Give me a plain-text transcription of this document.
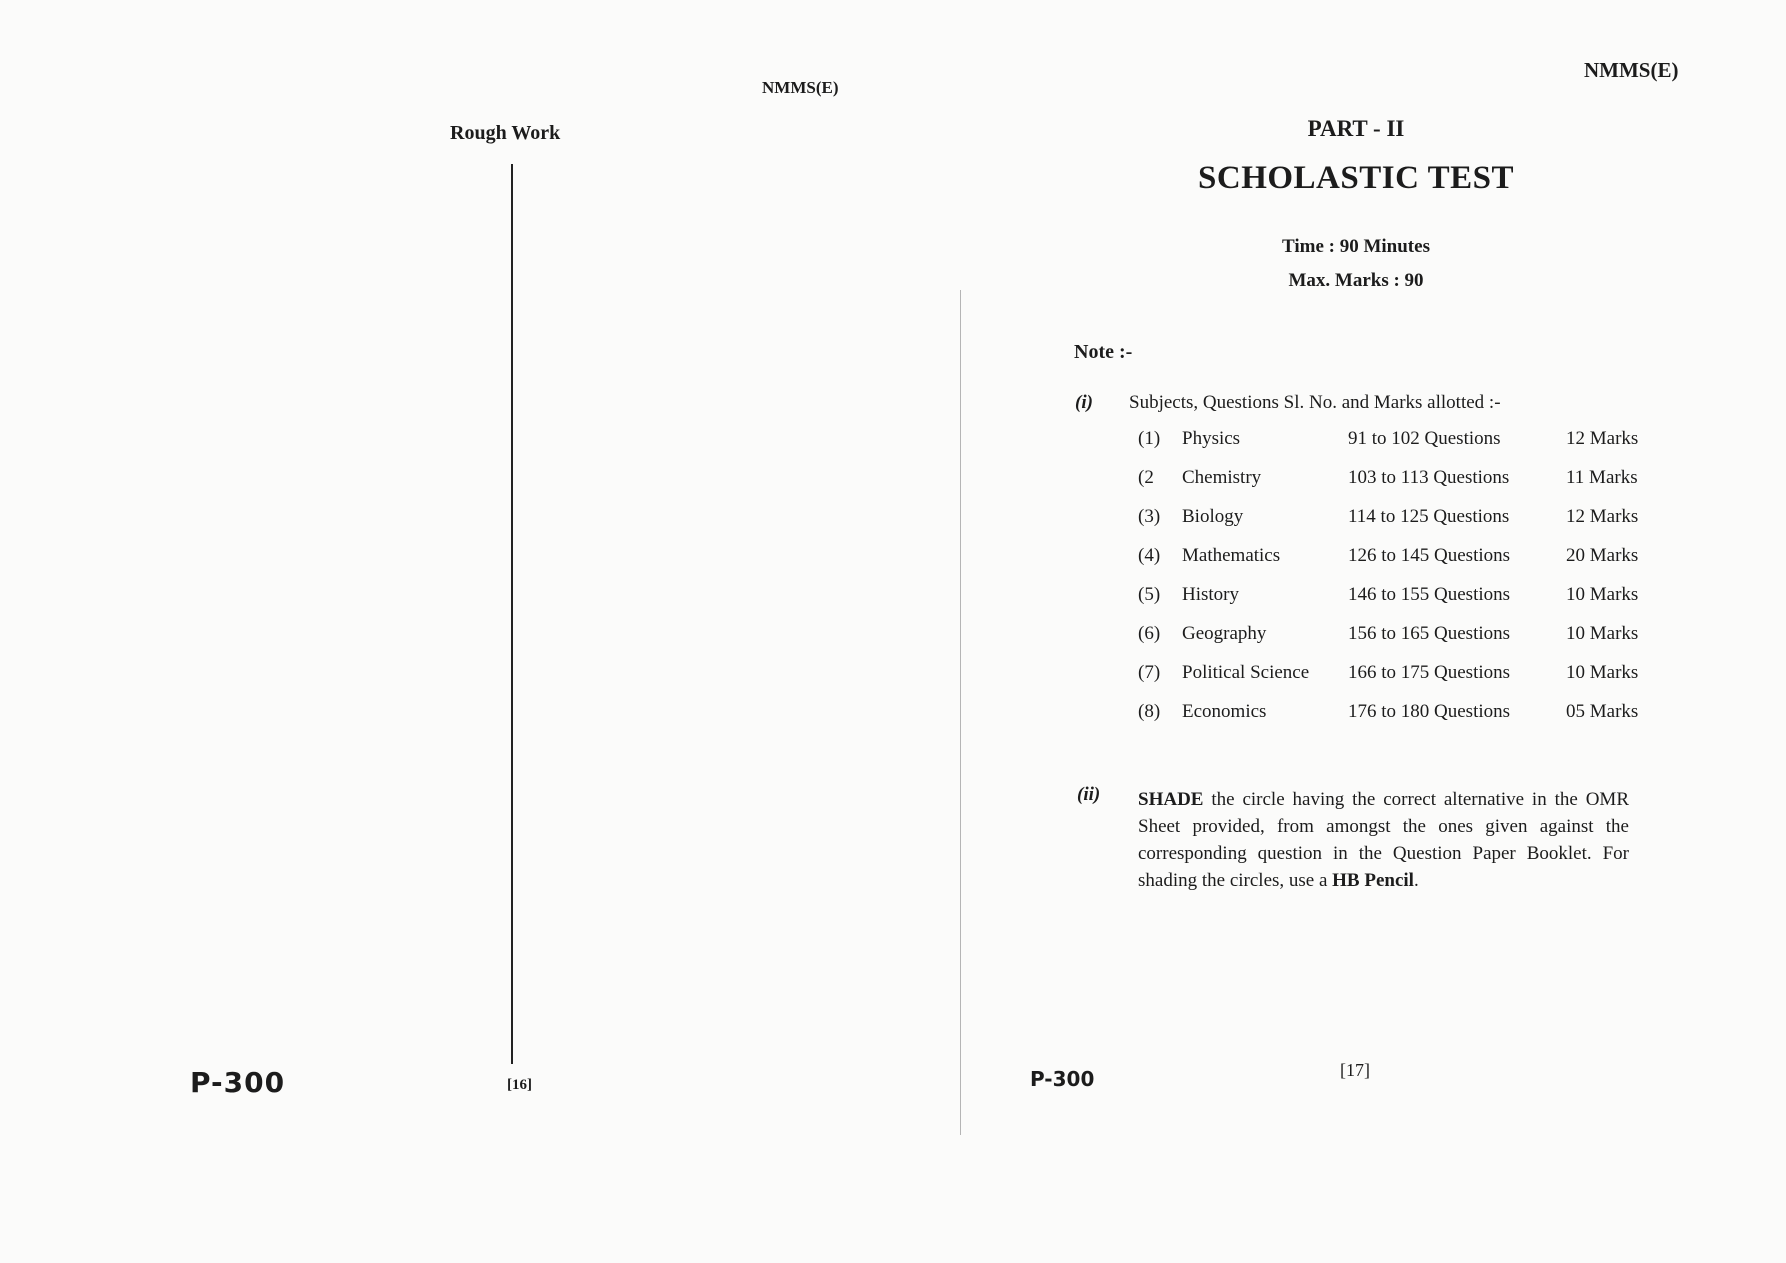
NMMS(E)
Rough Work
P-300	[16]
NMMS(E)
PART - II
SCHOLASTIC TEST
Time : 90 Minutes
Max. Marks : 90
Note :-
(i) Subjects, Questions Sl. No. and Marks allotted :-
(1) Physics	91 to 102 Questions	12 Marks
(2 Chemistry	103 to 113 Questions	11 Marks
(3) Biology	114 to 125 Questions	12 Marks
(4) Mathematics	126 to 145 Questions	20 Marks
(5) History	146 to 155 Questions	10 Marks
(6) Geography	156 to 165 Questions	10 Marks
(7) Political Science 166 to 175 Questions	10 Marks
(8) Economics	176 to 180 Questions	05 Marks
(ii) SHADE the circle having the correct alternative in the OMR Sheet provided, from amongst the ones given against the corresponding question in the Question Paper Booklet. For shading the circles, use a HB Pencil.
P-300	[17]
